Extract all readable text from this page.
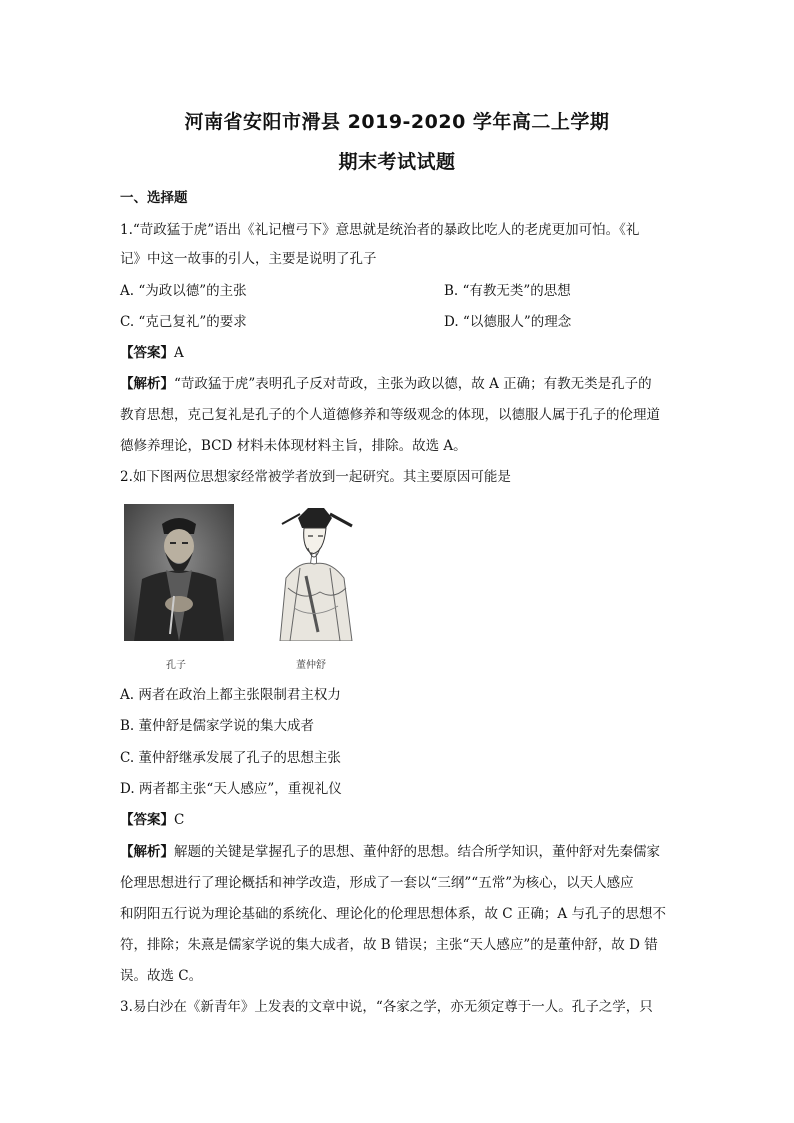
河南省安阳市滑县 2019-2020 学年高二上学期
期末考试试题
一、选择题
1.“苛政猛于虎”语出《礼记檀弓下》意思就是统治者的暴政比吃人的老虎更加可怕。《礼
记》中这一故事的引人，主要是说明了孔子
A. “为政以德”的主张	B. “有教无类”的思想
C. “克己复礼”的要求	D. “以德服人”的理念
【答案】A
【解析】“苛政猛于虎”表明孔子反对苛政，主张为政以德，故 A 正确；有教无类是孔子的
教育思想，克己复礼是孔子的个人道德修养和等级观念的体现，以德服人属于孔子的伦理道
德修养理论，BCD 材料未体现材料主旨，排除。故选 A。
2.如下图两位思想家经常被学者放到一起研究。其主要原因可能是
孔子	董仲舒
A. 两者在政治上都主张限制君主权力
B. 董仲舒是儒家学说的集大成者
C. 董仲舒继承发展了孔子的思想主张
D. 两者都主张“天人感应”，重视礼仪
【答案】C
【解析】解题的关键是掌握孔子的思想、董仲舒的思想。结合所学知识，董仲舒对先秦儒家
伦理思想进行了理论概括和神学改造，形成了一套以“三纲”“五常”为核心，以天人感应
和阴阳五行说为理论基础的系统化、理论化的伦理思想体系，故 C 正确；A 与孔子的思想不
符，排除；朱熹是儒家学说的集大成者，故 B 错误；主张“天人感应”的是董仲舒，故 D 错
误。故选 C。
3.易白沙在《新青年》上发表的文章中说，“各家之学，亦无须定尊于一人。孔子之学，只
